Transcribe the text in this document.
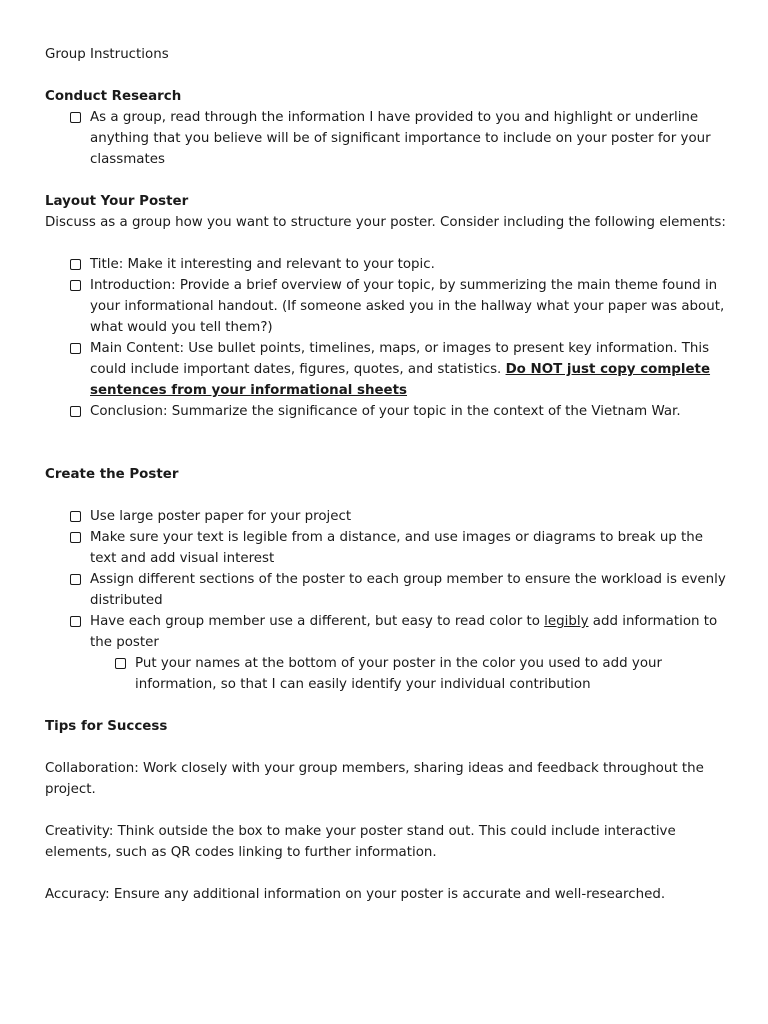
Group Instructions

Conduct Research

As a group, read through the information I have provided to you and highlight or underline anything that you believe will be of significant importance to include on your poster for your classmates

Layout Your Poster

Discuss as a group how you want to structure your poster. Consider including the following elements:

Title: Make it interesting and relevant to your topic.
Introduction: Provide a brief overview of your topic, by summerizing the main theme found in your informational handout. (If someone asked you in the hallway what your paper was about, what would you tell them?)
Main Content: Use bullet points, timelines, maps, or images to present key information. This could include important dates, figures, quotes, and statistics. Do NOT just copy complete sentences from your informational sheets
Conclusion: Summarize the significance of your topic in the context of the Vietnam War.

Create the Poster

Use large poster paper for your project
Make sure your text is legible from a distance, and use images or diagrams to break up the text and add visual interest
Assign different sections of the poster to each group member to ensure the workload is evenly distributed
Have each group member use a different, but easy to read color to legibly add information to the poster
Put your names at the bottom of your poster in the color you used to add your information, so that I can easily identify your individual contribution

Tips for Success

Collaboration: Work closely with your group members, sharing ideas and feedback throughout the project.

Creativity: Think outside the box to make your poster stand out. This could include interactive elements, such as QR codes linking to further information.

Accuracy: Ensure any additional information on your poster is accurate and well-researched.
